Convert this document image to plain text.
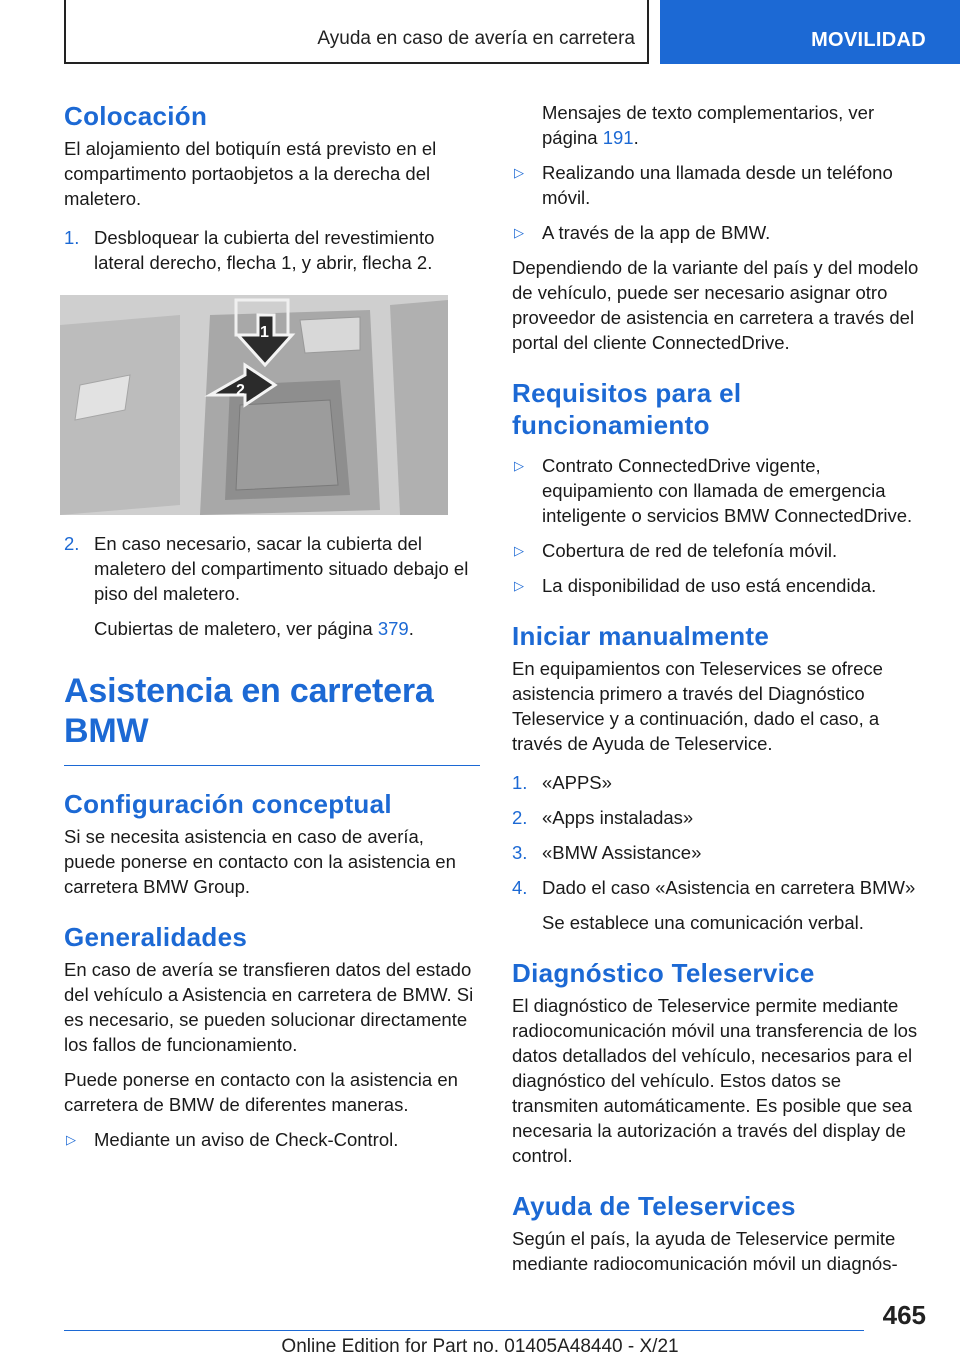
Ayuda en caso de avería en carretera	MOVILIDAD
Colocación

El alojamiento del botiquín está previsto en el compartimento portaobjetos a la derecha del maletero.

1. Desbloquear la cubierta del revestimiento lateral derecho, flecha 1, y abrir, flecha 2.
1
2
2. En caso necesario, sacar la cubierta del maletero del compartimento situado debajo el piso del maletero.

Cubiertas de maletero, ver página 379.

Asistencia en carretera BMW
Configuración conceptual

Si se necesita asistencia en caso de avería, puede ponerse en contacto con la asistencia en carretera BMW Group.

Generalidades

En caso de avería se transfieren datos del estado del vehículo a Asistencia en carretera de BMW. Si es necesario, se pueden solucionar directamente los fallos de funcionamiento.

Puede ponerse en contacto con la asistencia en carretera de BMW de diferentes maneras.

▷ Mediante un aviso de Check-Control.

Mensajes de texto complementarios, ver página 191.

▷ Realizando una llamada desde un teléfono móvil.
▷ A través de la app de BMW.

Dependiendo de la variante del país y del modelo de vehículo, puede ser necesario asignar otro proveedor de asistencia en carretera a través del portal del cliente ConnectedDrive.

Requisitos para el funcionamiento
▷ Contrato ConnectedDrive vigente, equipamiento con llamada de emergencia inteligente o servicios BMW ConnectedDrive.
▷ Cobertura de red de telefonía móvil.
▷ La disponibilidad de uso está encendida.
Iniciar manualmente

En equipamientos con Teleservices se ofrece asistencia primero a través del Diagnóstico Teleservice y a continuación, dado el caso, a través de Ayuda de Teleservice.

1. «APPS»
2. «Apps instaladas»
3. «BMW Assistance»
4. Dado el caso «Asistencia en carretera BMW»

Se establece una comunicación verbal.

Diagnóstico Teleservice

El diagnóstico de Teleservice permite mediante radiocomunicación móvil una transferencia de los datos detallados del vehículo, necesarios para el diagnóstico del vehículo. Estos datos se transmiten automáticamente. Es posible que sea necesaria la autorización a través del display de control.

Ayuda de Teleservices

Según el país, la ayuda de Teleservice permite mediante radiocomunicación móvil un diagnós-

465
Online Edition for Part no. 01405A48440 - X/21
